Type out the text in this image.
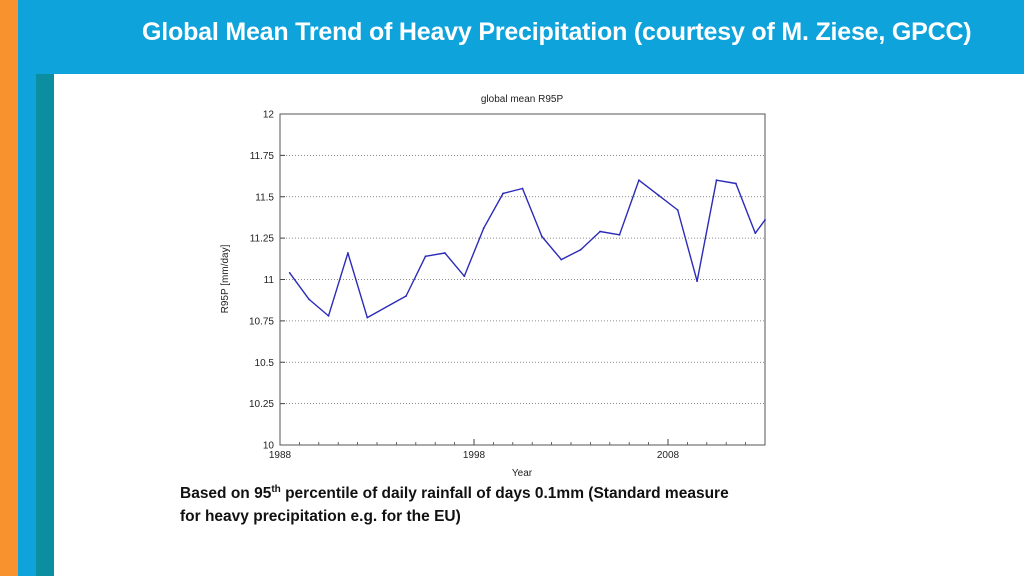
Global Mean Trend of Heavy Precipitation (courtesy of M. Ziese, GPCC)
global mean R95P
12
11.75
11.5
11.25
11
10.75
10.5
10.25
10
1988	1998	2008
Year
R95P [mm/day]
Based on 95th percentile of daily rainfall of days 0.1mm (Standard measure for heavy precipitation e.g. for the EU)
